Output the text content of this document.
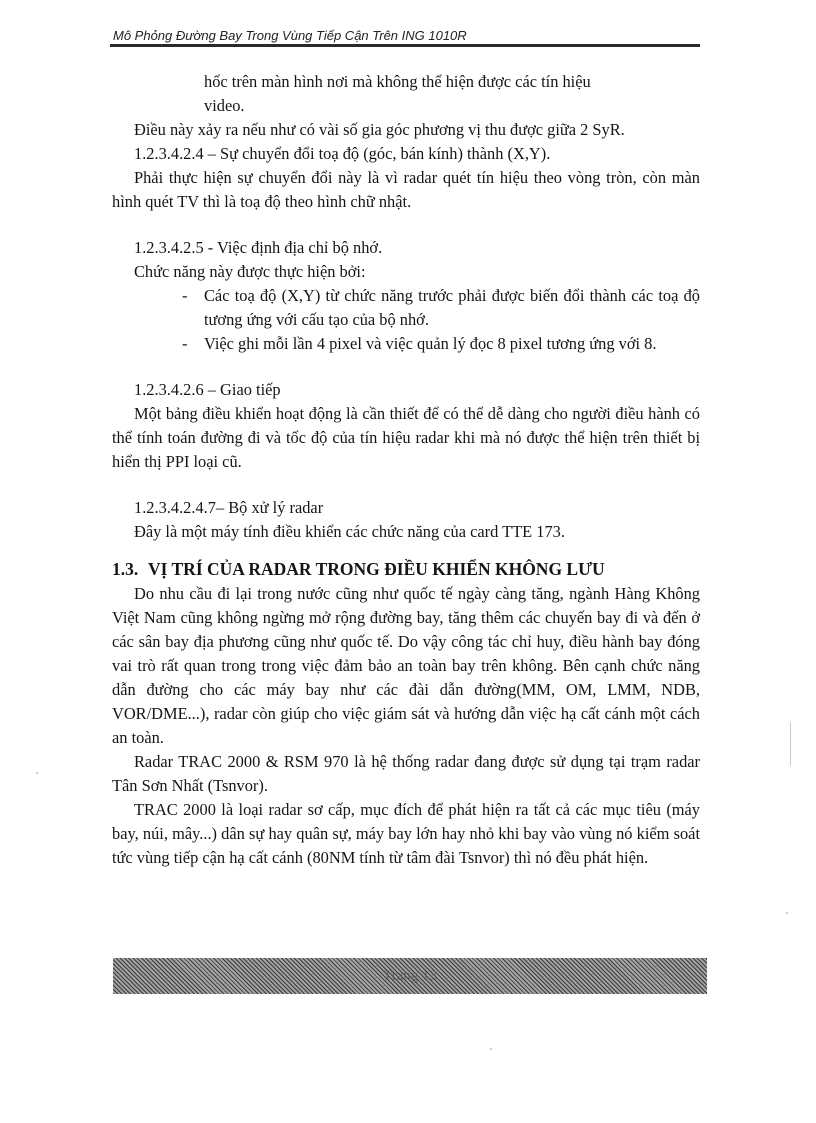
Mô Phỏng Đường Bay Trong Vùng Tiếp Cận Trên ING 1010R

hốc trên màn hình nơi mà không thể hiện được các tín hiệu

video.

Điều này xảy ra nếu như có vài số gia góc phương vị thu được giữa 2 SyR.

1.2.3.4.2.4 – Sự chuyển đổi toạ độ (góc, bán kính) thành (X,Y).

Phải thực hiện sự chuyển đổi này là vì radar quét tín hiệu theo vòng tròn, còn màn hình quét TV thì là toạ độ theo hình chữ nhật.

1.2.3.4.2.5 - Việc định địa chỉ bộ nhớ.

Chức năng này được thực hiện bởi:

- Các toạ độ (X,Y) từ chức năng trước phải được biến đổi thành các toạ độ tương ứng với cấu tạo của bộ nhớ.
- Việc ghi mỗi lần 4 pixel và việc quản lý đọc 8 pixel tương ứng với 8.

1.2.3.4.2.6 – Giao tiếp

Một bảng điều khiển hoạt động là cần thiết để có thể dễ dàng cho người điều hành có thể tính toán đường đi và tốc độ của tín hiệu radar khi mà nó được thể hiện trên thiết bị hiển thị PPI loại cũ.

1.2.3.4.2.4.7– Bộ xử lý radar

Đây là một máy tính điều khiển các chức năng của card TTE 173.

1.3. VỊ TRÍ CỦA RADAR TRONG ĐIỀU KHIỂN KHÔNG LƯU

Do nhu cầu đi lại trong nước cũng như quốc tế ngày càng tăng, ngành Hàng Không Việt Nam cũng không ngừng mở rộng đường bay, tăng thêm các chuyến bay đi và đến ở các sân bay địa phương cũng như quốc tế. Do vậy công tác chỉ huy, điều hành bay đóng vai trò rất quan trong trong việc đảm bảo an toàn bay trên không. Bên cạnh chức năng dẫn đường cho các máy bay như các đài dẫn đường(MM, OM, LMM, NDB, VOR/DME...), radar còn giúp cho việc giám sát và hướng dẫn việc hạ cất cánh một cách an toàn.

Radar TRAC 2000 & RSM 970 là hệ thống radar đang được sử dụng tại trạm radar Tân Sơn Nhất (Tsnvor).

TRAC 2000 là loại radar sơ cấp, mục đích để phát hiện ra tất cả các mục tiêu (máy bay, núi, mây...) dân sự hay quân sự, máy bay lớn hay nhỏ khi bay vào vùng nó kiểm soát tức vùng tiếp cận hạ cất cánh (80NM tính từ tâm đài Tsnvor) thì nó đều phát hiện.

Trang 13
